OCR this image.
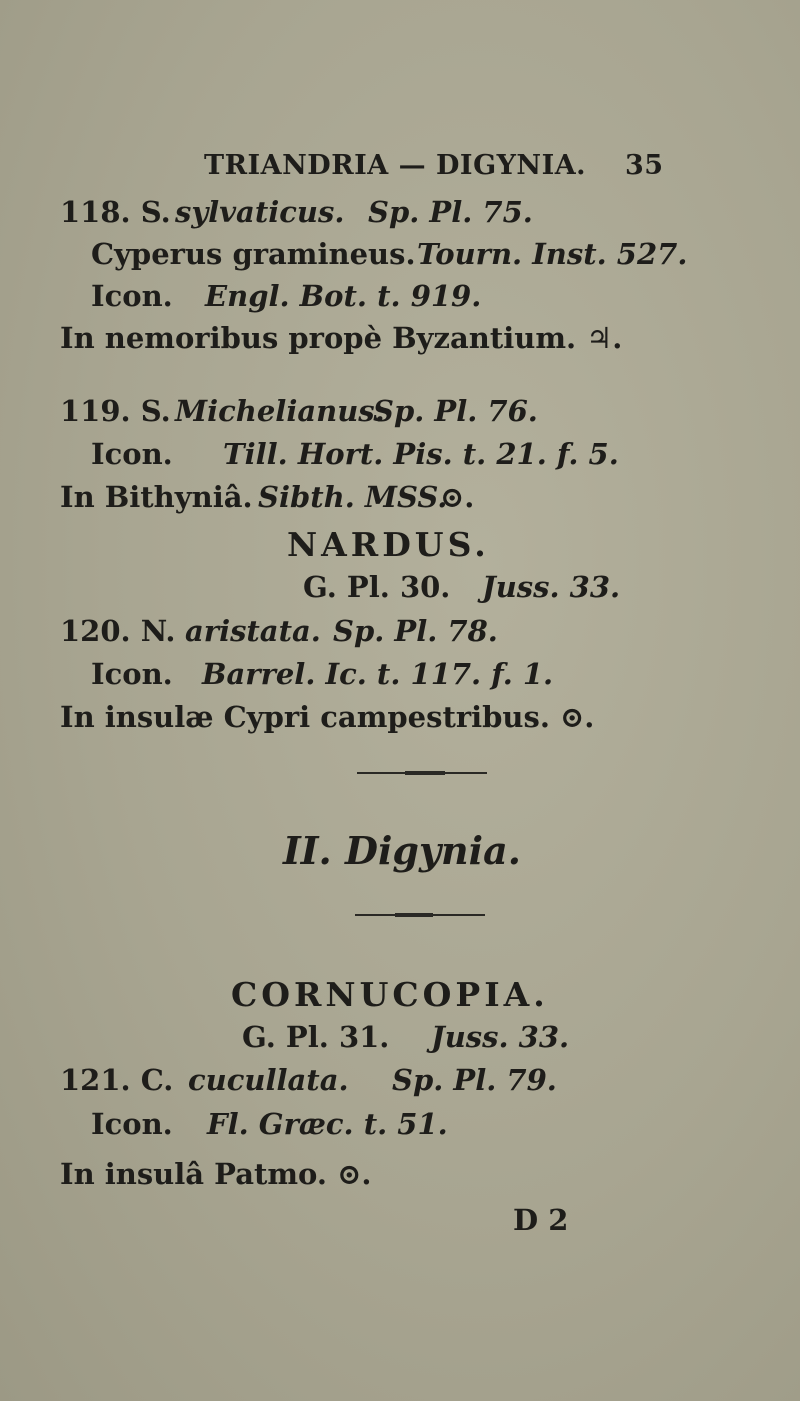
TRIANDRIA — DIGYNIA. 35
118. S. sylvaticus. Sp. Pl. 75.
Cyperus gramineus. Tourn. Inst. 527.
Icon. Engl. Bot. t. 919.
In nemoribus propè Byzantium. ♃.
119. S. Michelianus.
Sp. Pl. 76.
Icon. Till. Hort. Pis. t. 21. f. 5.
In Bithyniâ. Sibth. MSS.
⊙.
NARDUS.
G. Pl. 30. Juss. 33.
120. N. aristata. Sp. Pl. 78.
Icon. Barrel. Ic. t. 117. f. 1.
In insulæ Cypri campestribus. ⊙.
II. Digynia.
CORNUCOPIA.
G. Pl. 31. Juss. 33.
121. C. cucullata. Sp. Pl. 79.
Icon. Fl. Græc. t. 51.
In insulâ Patmo. ⊙.
D 2
